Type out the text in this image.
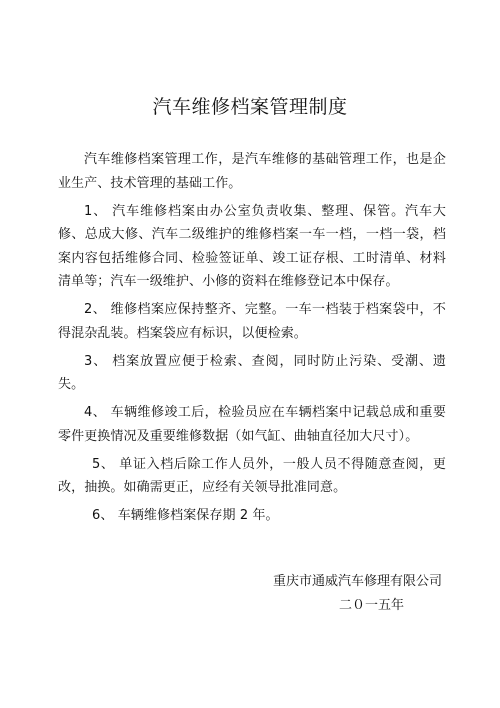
汽车维修档案管理制度

汽车维修档案管理工作，是汽车维修的基础管理工作，也是企业生产、技术管理的基础工作。

1、 汽车维修档案由办公室负责收集、整理、保管。汽车大修、总成大修、汽车二级维护的维修档案一车一档，一档一袋，档案内容包括维修合同、检验签证单、竣工证存根、工时清单、材料清单等；汽车一级维护、小修的资料在维修登记本中保存。

2、 维修档案应保持整齐、完整。一车一档装于档案袋中，不得混杂乱装。档案袋应有标识，以便检索。

3、 档案放置应便于检索、查阅，同时防止污染、受潮、遗失。

4、 车辆维修竣工后，检验员应在车辆档案中记载总成和重要零件更换情况及重要维修数据（如气缸、曲轴直径加大尺寸）。

5、 单证入档后除工作人员外，一般人员不得随意查阅，更改，抽换。如确需更正，应经有关领导批准同意。

6、 车辆维修档案保存期 2 年。

重庆市通威汽车修理有限公司
二０一五年
